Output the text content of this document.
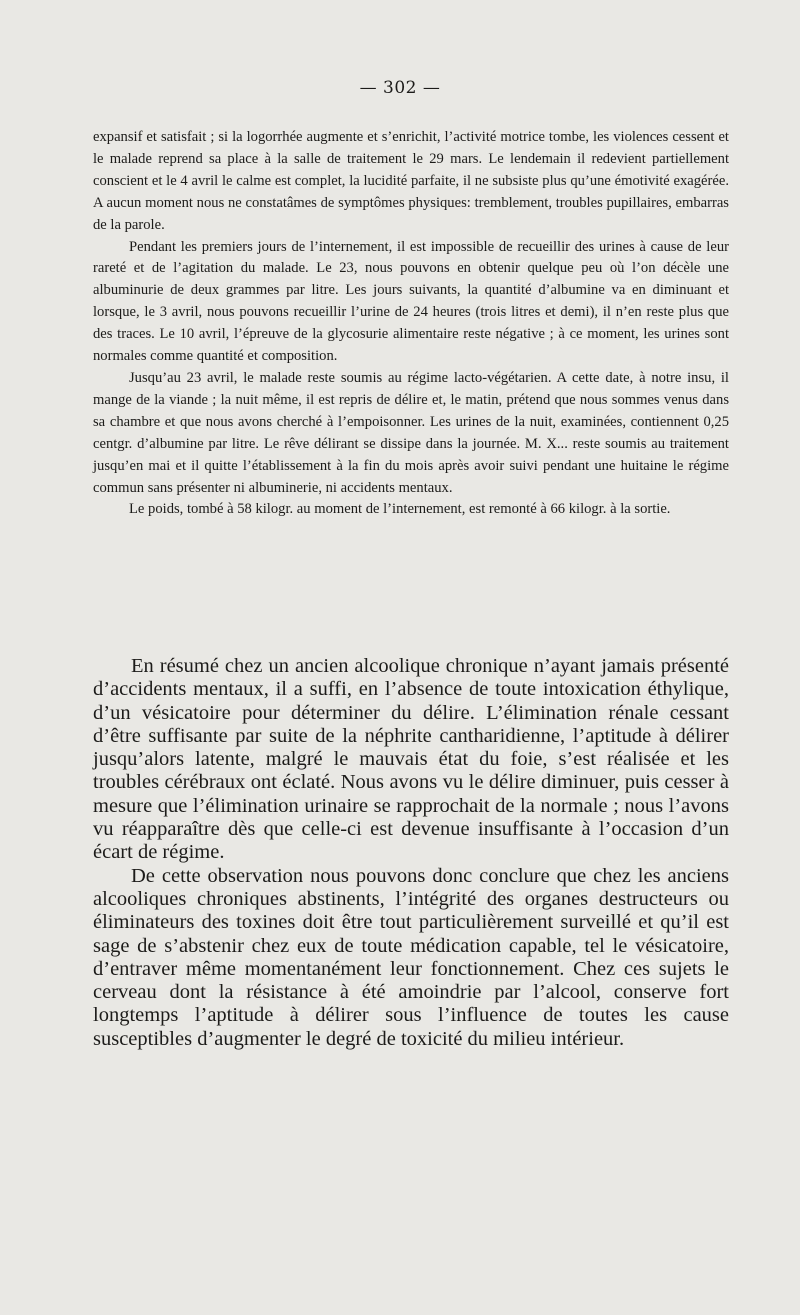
— 302 —

expansif et satisfait ; si la logorrhée augmente et s’enrichit, l’activité motrice tombe, les violences cessent et le malade reprend sa place à la salle de traitement le 29 mars. Le lendemain il redevient partiellement conscient et le 4 avril le calme est complet, la lucidité parfaite, il ne subsiste plus qu’une émotivité exagérée. A aucun moment nous ne constatâmes de symptômes physiques: tremblement, troubles pupillaires, embarras de la parole.

Pendant les premiers jours de l’internement, il est impossible de recueillir des urines à cause de leur rareté et de l’agitation du malade. Le 23, nous pouvons en obtenir quelque peu où l’on décèle une albuminurie de deux grammes par litre. Les jours suivants, la quantité d’albumine va en diminuant et lorsque, le 3 avril, nous pouvons recueillir l’urine de 24 heures (trois litres et demi), il n’en reste plus que des traces. Le 10 avril, l’épreuve de la glycosurie alimentaire reste négative ; à ce moment, les urines sont normales comme quantité et composition.

Jusqu’au 23 avril, le malade reste soumis au régime lacto-végétarien. A cette date, à notre insu, il mange de la viande ; la nuit même, il est repris de délire et, le matin, prétend que nous sommes venus dans sa chambre et que nous avons cherché à l’empoisonner. Les urines de la nuit, examinées, contiennent 0,25 centgr. d’albumine par litre. Le rêve délirant se dissipe dans la journée. M. X... reste soumis au traitement jusqu’en mai et il quitte l’établissement à la fin du mois après avoir suivi pendant une huitaine le régime commun sans présenter ni albuminerie, ni accidents mentaux.

Le poids, tombé à 58 kilogr. au moment de l’internement, est remonté à 66 kilogr. à la sortie.

En résumé chez un ancien alcoolique chronique n’ayant jamais présenté d’accidents mentaux, il a suffi, en l’absence de toute intoxication éthylique, d’un vésicatoire pour déterminer du délire. L’élimination rénale cessant d’être suffisante par suite de la néphrite cantharidienne, l’aptitude à délirer jusqu’alors latente, malgré le mauvais état du foie, s’est réalisée et les troubles cérébraux ont éclaté. Nous avons vu le délire diminuer, puis cesser à mesure que l’élimination urinaire se rapprochait de la normale ; nous l’avons vu réapparaître dès que celle-ci est devenue insuffisante à l’occasion d’un écart de régime.

De cette observation nous pouvons donc conclure que chez les anciens alcooliques chroniques abstinents, l’intégrité des organes destructeurs ou éliminateurs des toxines doit être tout particulièrement surveillé et qu’il est sage de s’abstenir chez eux de toute médication capable, tel le vésicatoire, d’entraver même momentanément leur fonctionnement. Chez ces sujets le cerveau dont la résistance à été amoindrie par l’alcool, conserve fort longtemps l’aptitude à délirer sous l’influence de toutes les cause susceptibles d’augmenter le degré de toxicité du milieu intérieur.
